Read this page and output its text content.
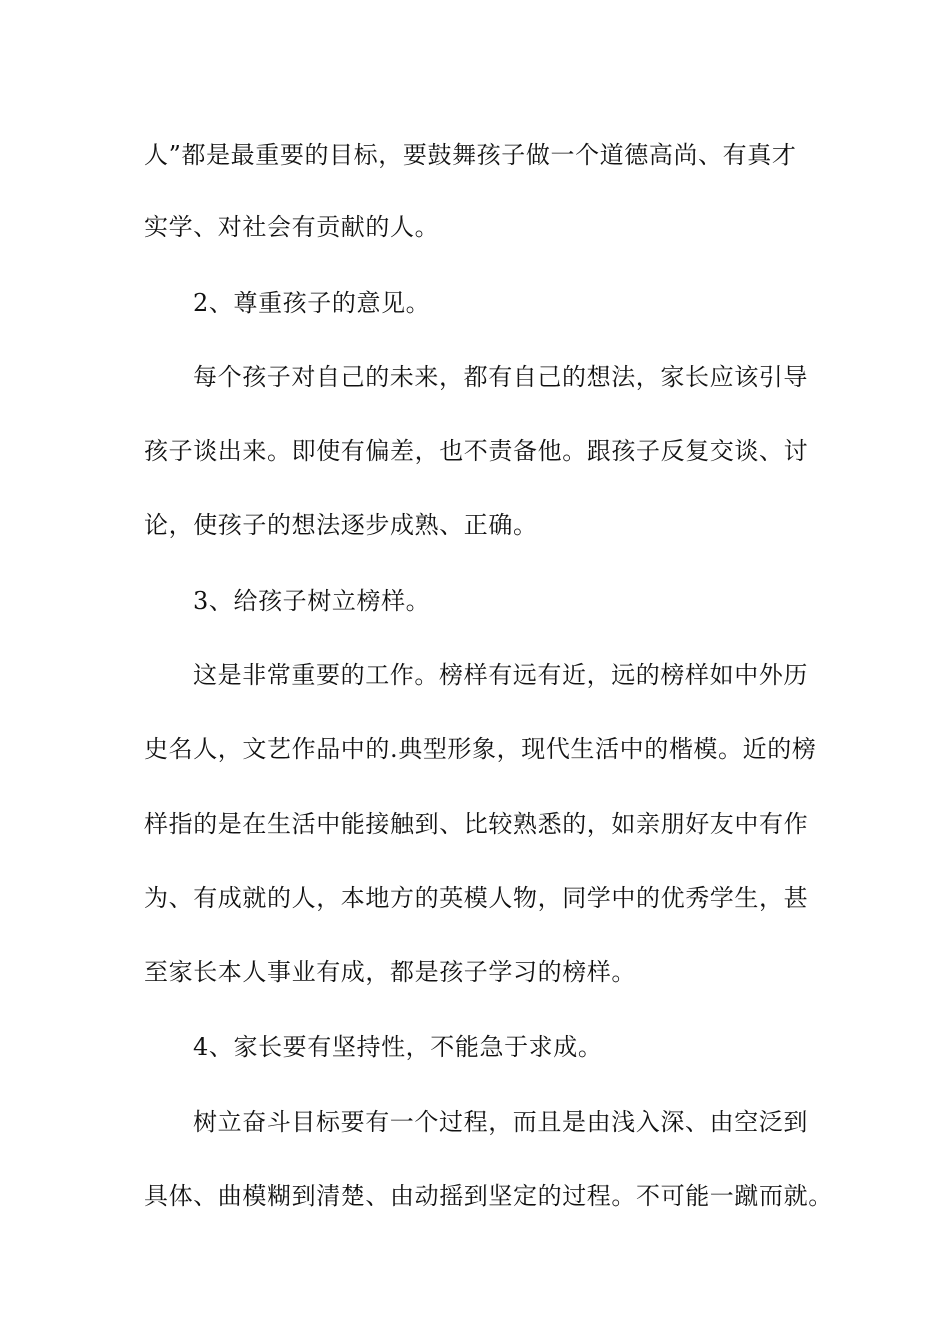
人”都是最重要的目标，要鼓舞孩子做一个道德高尚、有真才
实学、对社会有贡献的人。
2、尊重孩子的意见。
每个孩子对自己的未来，都有自己的想法，家长应该引导
孩子谈出来。即使有偏差，也不责备他。跟孩子反复交谈、讨
论，使孩子的想法逐步成熟、正确。
3、给孩子树立榜样。
这是非常重要的工作。榜样有远有近，远的榜样如中外历
史名人，文艺作品中的.典型形象，现代生活中的楷模。近的榜
样指的是在生活中能接触到、比较熟悉的，如亲朋好友中有作
为、有成就的人，本地方的英模人物，同学中的优秀学生，甚
至家长本人事业有成，都是孩子学习的榜样。
4、家长要有坚持性，不能急于求成。
树立奋斗目标要有一个过程，而且是由浅入深、由空泛到
具体、曲模糊到清楚、由动摇到坚定的过程。不可能一蹴而就。
